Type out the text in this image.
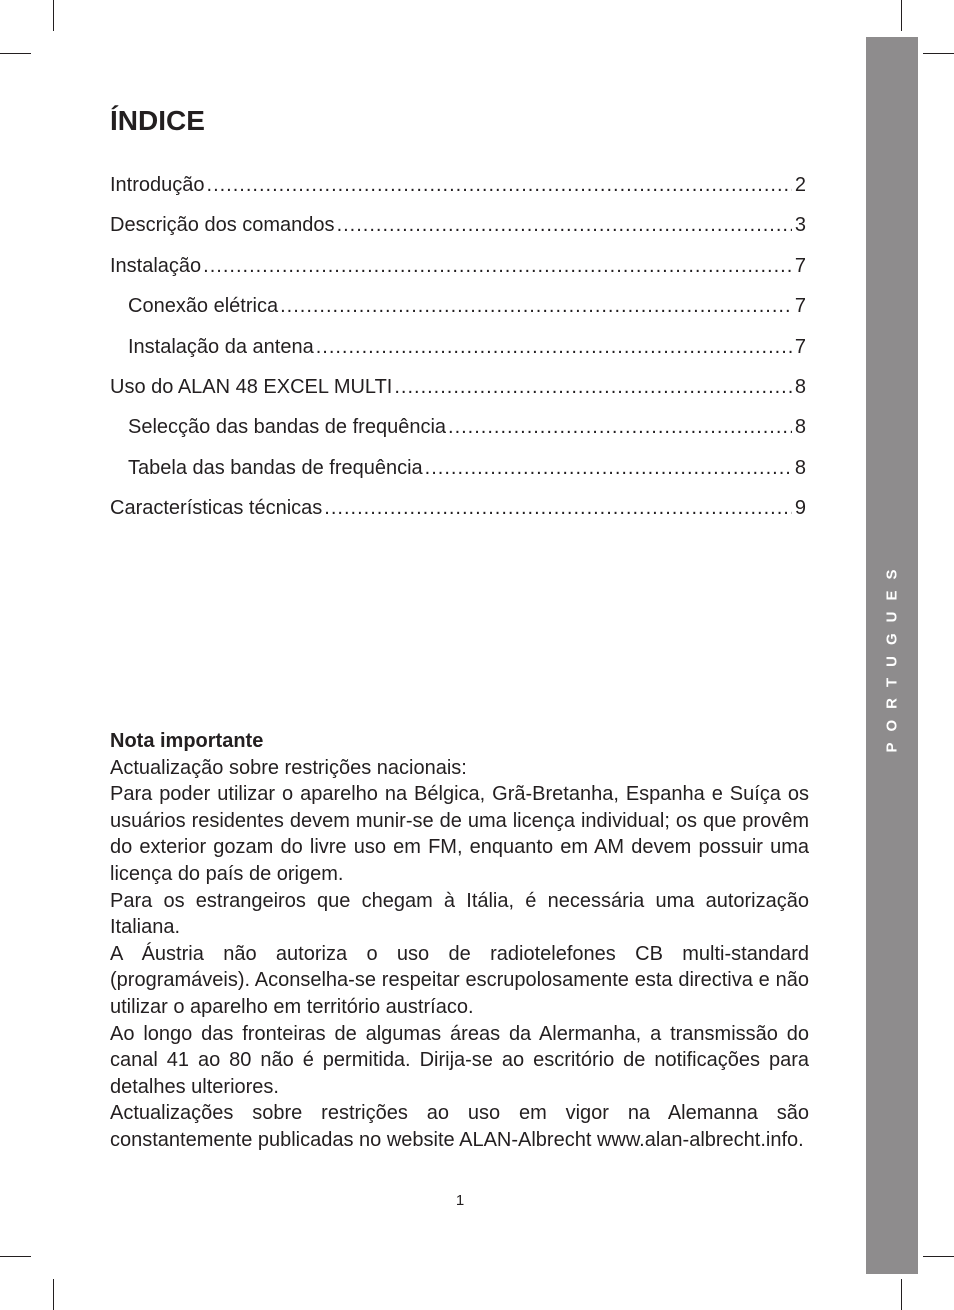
PORTUGUES
ÍNDICE
Introdução .....	2
Descrição dos comandos .....	3
Instalação .....	7
Conexão elétrica .....	7
Instalação da antena .....	7
Uso do ALAN 48 EXCEL MULTI .....	8
Selecção das bandas de frequência .....	8
Tabela das bandas de frequência .....	8
Características técnicas .....	9

Nota importante

Actualização sobre restrições nacionais:

Para poder utilizar o aparelho na Bélgica, Grã-Bretanha, Espanha e Suíça os usuários residentes devem munir-se de uma licença individual; os que provêm do exterior gozam do livre uso em FM, enquanto em AM devem possuir uma licença do país de origem.

Para os estrangeiros que chegam à Itália, é necessária uma autorização Italiana.

A Áustria não autoriza o uso de radiotelefones CB multi-standard (programáveis). Aconselha-se respeitar escrupolosamente esta directiva e não utilizar o aparelho em território austríaco.

Ao longo das fronteiras de algumas áreas da Alermanha, a transmissão do canal 41 ao 80 não é permitida. Dirija-se ao escritório de notificações para detalhes ulteriores.

Actualizações sobre restrições ao uso em vigor na Alemanna são constantemente publicadas no website ALAN-Albrecht www.alan-albrecht.info.

1
